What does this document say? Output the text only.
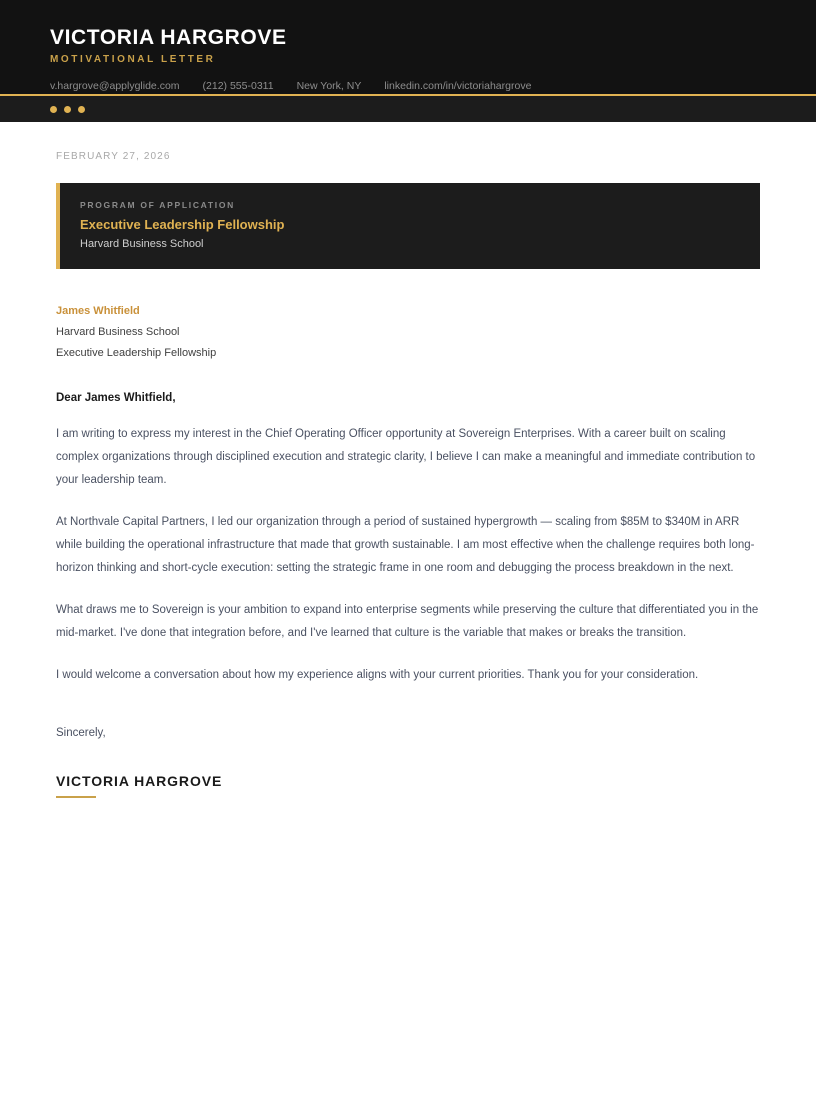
VICTORIA HARGROVE
MOTIVATIONAL LETTER
v.hargrove@applyglide.com (212) 555-0311 New York, NY linkedin.com/in/victoriahargrove
FEBRUARY 27, 2026
PROGRAM OF APPLICATION
Executive Leadership Fellowship
Harvard Business School
James Whitfield
Harvard Business School
Executive Leadership Fellowship
Dear James Whitfield,
I am writing to express my interest in the Chief Operating Officer opportunity at Sovereign Enterprises. With a career built on scaling complex organizations through disciplined execution and strategic clarity, I believe I can make a meaningful and immediate contribution to your leadership team.
At Northvale Capital Partners, I led our organization through a period of sustained hypergrowth — scaling from $85M to $340M in ARR while building the operational infrastructure that made that growth sustainable. I am most effective when the challenge requires both long-horizon thinking and short-cycle execution: setting the strategic frame in one room and debugging the process breakdown in the next.
What draws me to Sovereign is your ambition to expand into enterprise segments while preserving the culture that differentiated you in the mid-market. I've done that integration before, and I've learned that culture is the variable that makes or breaks the transition.
I would welcome a conversation about how my experience aligns with your current priorities. Thank you for your consideration.
Sincerely,
VICTORIA HARGROVE
